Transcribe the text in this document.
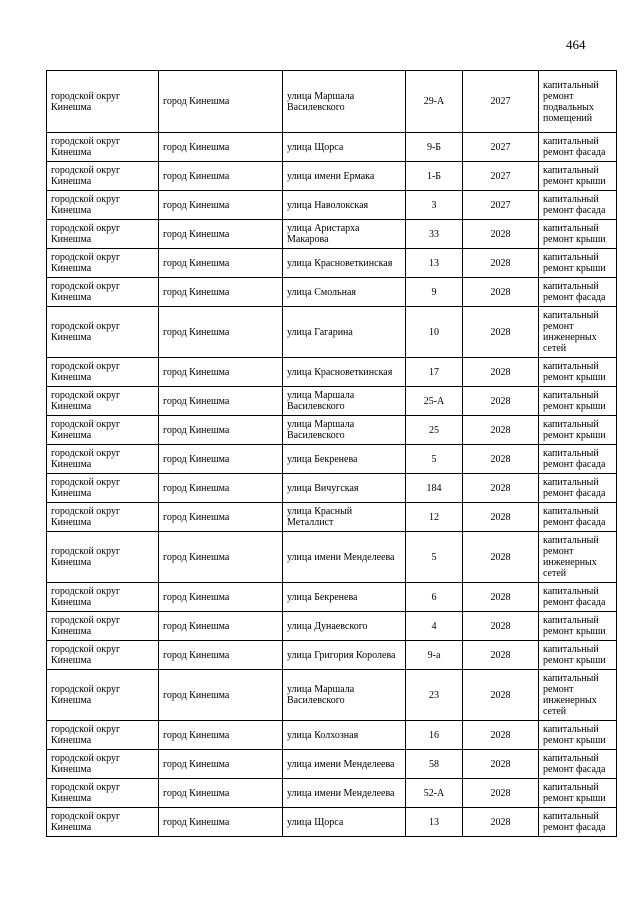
464
городской округ Кинешма	город Кинешма	улица Маршала Василевского	29-А	2027	капитальный ремонт подвальных помещений
городской округ Кинешма	город Кинешма	улица Щорса	9-Б	2027	капитальный ремонт фасада
городской округ Кинешма	город Кинешма	улица имени Ермака	1-Б	2027	капитальный ремонт крыши
городской округ Кинешма	город Кинешма	улица Наволокская	3	2027	капитальный ремонт фасада
городской округ Кинешма	город Кинешма	улица Аристарха Макарова	33	2028	капитальный ремонт крыши
городской округ Кинешма	город Кинешма	улица Красноветкинская	13	2028	капитальный ремонт крыши
городской округ Кинешма	город Кинешма	улица Смольная	9	2028	капитальный ремонт фасада
городской округ Кинешма	город Кинешма	улица Гагарина	10	2028	капитальный ремонт инженерных сетей
городской округ Кинешма	город Кинешма	улица Красноветкинская	17	2028	капитальный ремонт крыши
городской округ Кинешма	город Кинешма	улица Маршала Василевского	25-А	2028	капитальный ремонт крыши
городской округ Кинешма	город Кинешма	улица Маршала Василевского	25	2028	капитальный ремонт крыши
городской округ Кинешма	город Кинешма	улица Бекренева	5	2028	капитальный ремонт фасада
городской округ Кинешма	город Кинешма	улица Вичугская	184	2028	капитальный ремонт фасада
городской округ Кинешма	город Кинешма	улица Красный Металлист	12	2028	капитальный ремонт фасада
городской округ Кинешма	город Кинешма	улица имени Менделеева	5	2028	капитальный ремонт инженерных сетей
городской округ Кинешма	город Кинешма	улица Бекренева	6	2028	капитальный ремонт фасада
городской округ Кинешма	город Кинешма	улица Дунаевского	4	2028	капитальный ремонт крыши
городской округ Кинешма	город Кинешма	улица Григория Королева	9-а	2028	капитальный ремонт крыши
городской округ Кинешма	город Кинешма	улица Маршала Василевского	23	2028	капитальный ремонт инженерных сетей
городской округ Кинешма	город Кинешма	улица Колхозная	16	2028	капитальный ремонт крыши
городской округ Кинешма	город Кинешма	улица имени Менделеева	58	2028	капитальный ремонт фасада
городской округ Кинешма	город Кинешма	улица имени Менделеева	52-А	2028	капитальный ремонт крыши
городской округ Кинешма	город Кинешма	улица Щорса	13	2028	капитальный ремонт фасада
